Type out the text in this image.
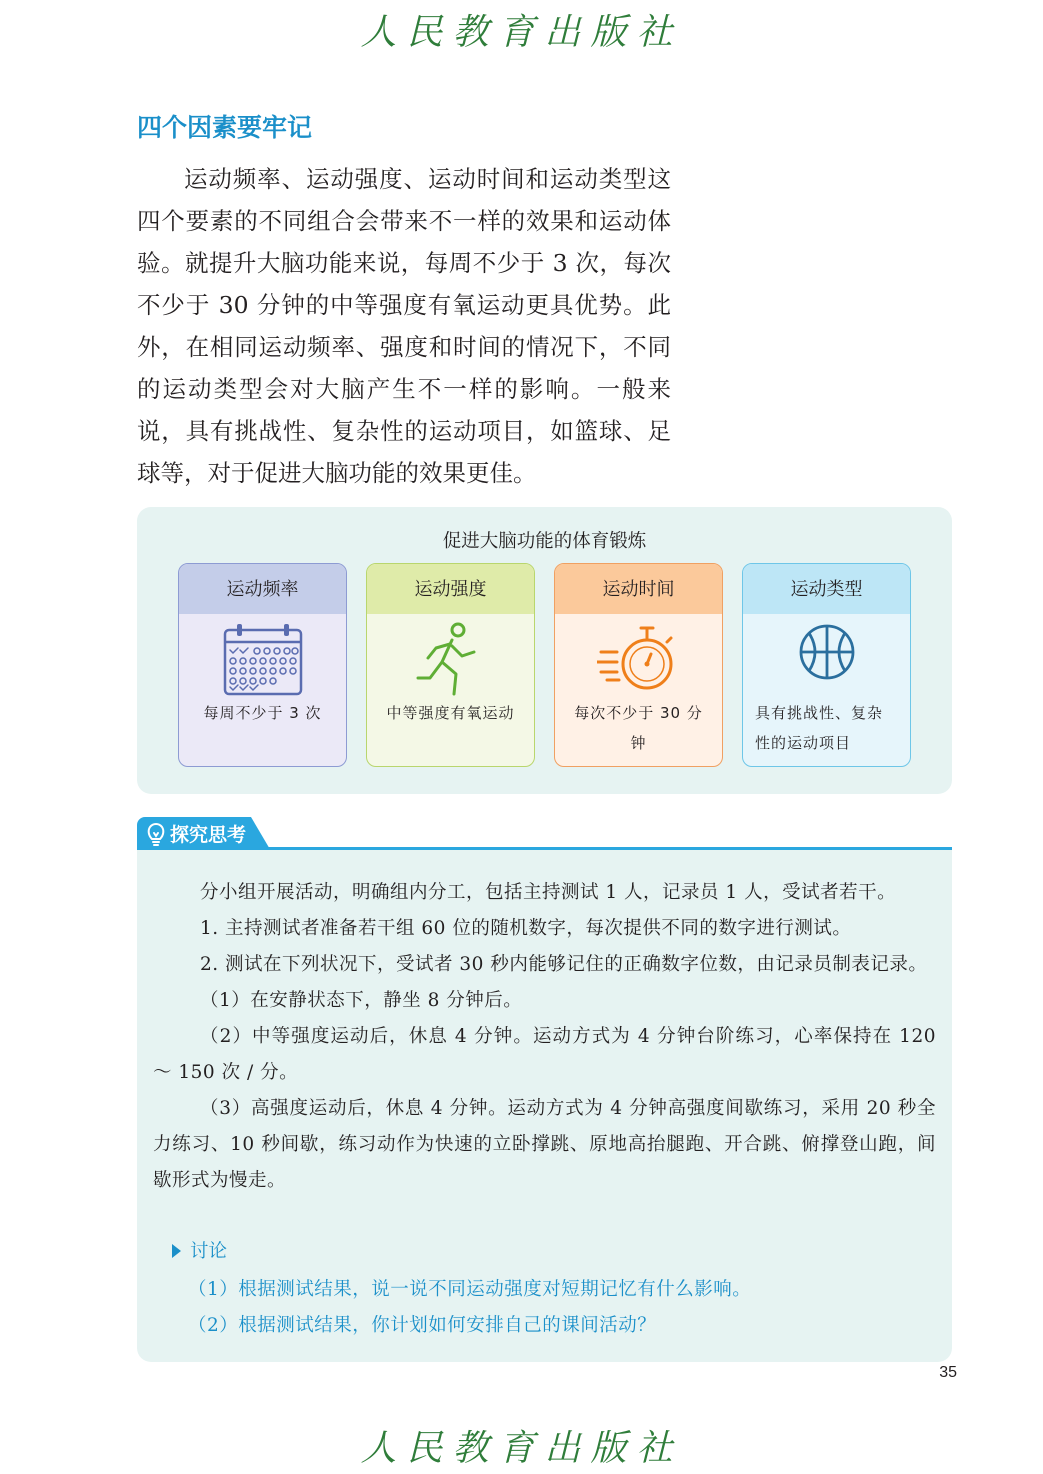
人民教育出版社
四个因素要牢记

运动频率、运动强度、运动时间和运动类型这四个要素的不同组合会带来不一样的效果和运动体验。就提升大脑功能来说，每周不少于 3 次，每次不少于 30 分钟的中等强度有氧运动更具优势。此外，在相同运动频率、强度和时间的情况下，不同的运动类型会对大脑产生不一样的影响。一般来说，具有挑战性、复杂性的运动项目，如篮球、足球等，对于促进大脑功能的效果更佳。

促进大脑功能的体育锻炼
运动频率
每周不少于 3 次
运动强度
中等强度有氧运动
运动时间
每次不少于 30 分钟
运动类型
具有挑战性、复杂性的运动项目
探究思考

分小组开展活动，明确组内分工，包括主持测试 1 人，记录员 1 人，受试者若干。

1. 主持测试者准备若干组 60 位的随机数字，每次提供不同的数字进行测试。

2. 测试在下列状况下，受试者 30 秒内能够记住的正确数字位数，由记录员制表记录。

（1）在安静状态下，静坐 8 分钟后。

（2）中等强度运动后，休息 4 分钟。运动方式为 4 分钟台阶练习，心率保持在 120 ～ 150 次 / 分。

（3）高强度运动后，休息 4 分钟。运动方式为 4 分钟高强度间歇练习，采用 20 秒全力练习、10 秒间歇，练习动作为快速的立卧撑跳、原地高抬腿跑、开合跳、俯撑登山跑，间歇形式为慢走。

讨论
（1）根据测试结果，说一说不同运动强度对短期记忆有什么影响。
（2）根据测试结果，你计划如何安排自己的课间活动？
35
人民教育出版社
